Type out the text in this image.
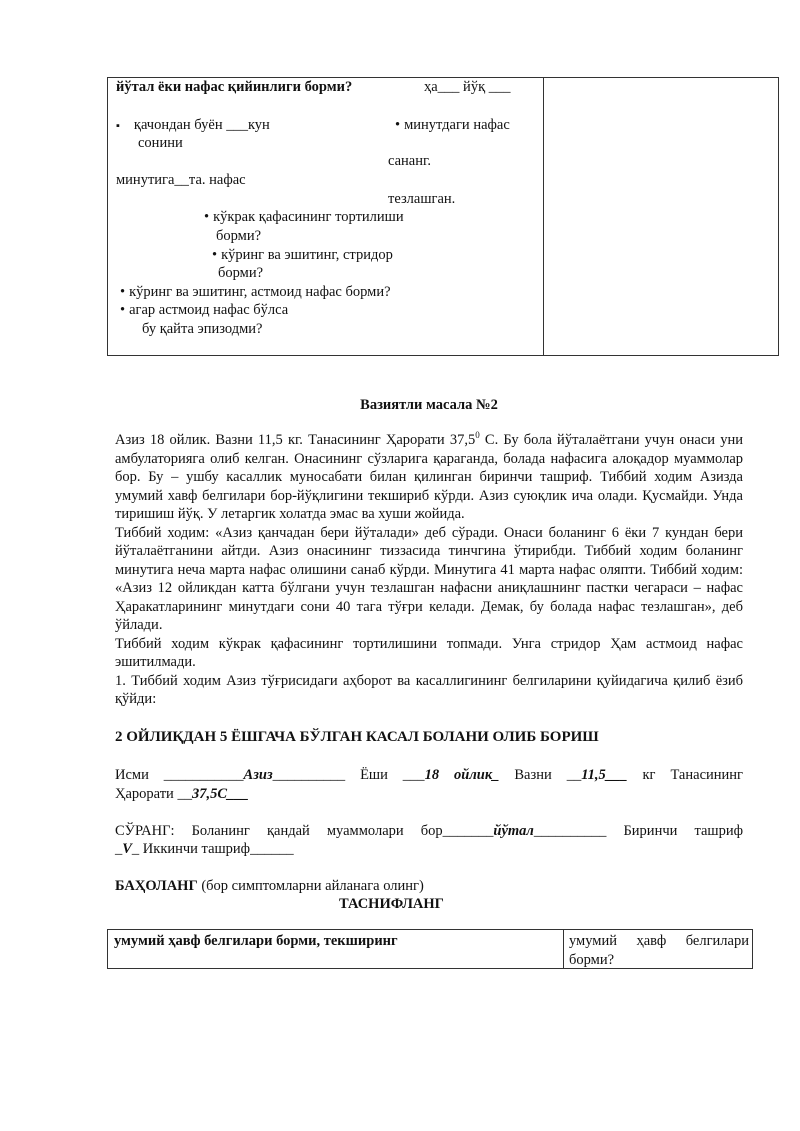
йўтал ёки нафас қийинлиги борми?	ҳа___ йўқ ___
▪ қачондан буён ___кун
сонини
• минутдаги нафас
сананг.
минутига__та. нафас
тезлашган.
• кўкрак қафасининг тортилиши
борми?
• кўринг ва эшитинг, стридор
борми?
• кўринг ва эшитинг, астмоид нафас борми?
• агар астмоид нафас бўлса
бу қайта эпизодми?
Вазиятли масала №2

Азиз 18 ойлик. Вазни 11,5 кг. Танасининг Ҳарорати 37,5$^0$ С. Бу бола йўталаётгани учун онаси уни амбулаторияга олиб келган. Онасининг сўзларига қараганда, болада нафасига алоқадор муаммолар бор. Бу – ушбу касаллик муносабати билан қилинган биринчи ташриф. Тиббий ходим Азизда умумий хавф белгилари бор-йўқлигини текшириб кўрди. Азиз суюқлик ича олади. Қусмайди. Унда тиришиш йўқ. У летаргик холатда эмас ва хуши жойида.

Тиббий ходим: «Азиз қанчадан бери йўталади» деб сўради. Онаси боланинг 6 ёки 7 кундан бери йўталаётганини айтди. Азиз онасининг тиззасида тинчгина ўтирибди. Тиббий ходим боланинг минутига неча марта нафас олишини санаб кўрди. Минутига 41 марта нафас оляпти. Тиббий ходим: «Азиз 12 ойликдан катта бўлгани учун тезлашган нафасни аниқлашнинг пастки чегараси – нафас Ҳаракатларининг минутдаги сони 40 тага тўғри келади. Демак, бу болада нафас тезлашган», деб ўйлади.

Тиббий ходим кўкрак қафасининг тортилишини топмади. Унга стридор Ҳам астмоид нафас эшитилмади.

1. Тиббий ходим Азиз тўғрисидаги аҳборот ва касаллигининг белгиларини қуйидагича қилиб ёзиб қўйди:

2 ОЙЛИҚДАН 5 ЁШГАЧА БЎЛГАН КАСАЛ БОЛАНИ ОЛИБ БОРИШ
Исми ___________Азиз__________ Ёши ___18 ойлик_ Вазни __11,5___ кг Танасининг
Ҳарорати __37,5С___
СЎРАНГ: Боланинг қандай муаммолари бор_______йўтал__________ Биринчи ташриф
_V_ Иккинчи ташриф______
БАҲОЛАНГ (бор симптомларни айланага олинг)
ТАСНИФЛАНГ
умумий ҳавф белгилари борми, текширинг	умумий ҳавф белгилари борми?
